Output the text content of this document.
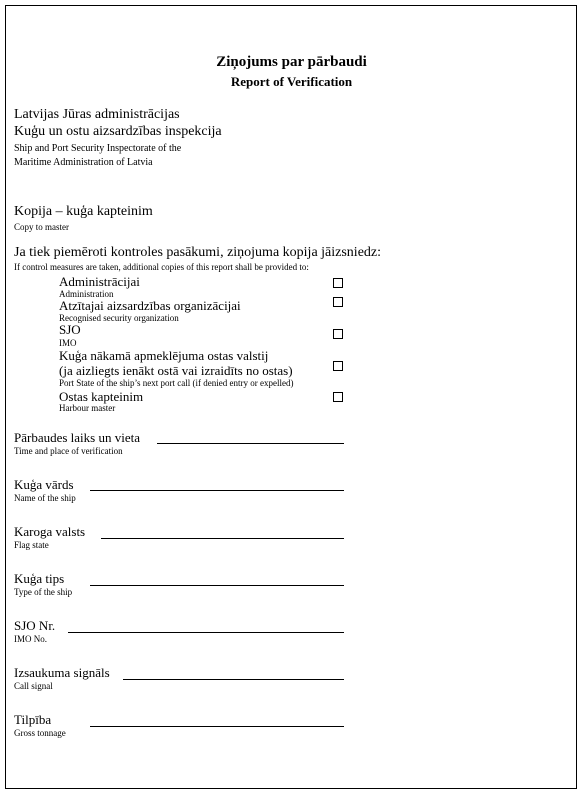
Ziņojums par pārbaudi
Report of Verification
Latvijas Jūras administrācijas
Kuģu un ostu aizsardzības inspekcija
Ship and Port Security Inspectorate of the
Maritime Administration of Latvia
Kopija – kuģa kapteinim
Copy to master
Ja tiek piemēroti kontroles pasākumi, ziņojuma kopija jāizsniedz:
If control measures are taken, additional copies of this report shall be provided to:
Administrācijai
Administration
Atzītajai aizsardzības organizācijai
Recognised security organization
SJO
IMO
Kuģa nākamā apmeklējuma ostas valstij
(ja aizliegts ienākt ostā vai izraidīts no ostas)
Port State of the ship’s next port call (if denied entry or expelled)
Ostas kapteinim
Harbour master
Pārbaudes laiks un vieta
Time and place of verification
Kuģa vārds
Name of the ship
Karoga valsts
Flag state
Kuģa tips
Type of the ship
SJO Nr.
IMO No.
Izsaukuma signāls
Call signal
Tilpība
Gross tonnage
